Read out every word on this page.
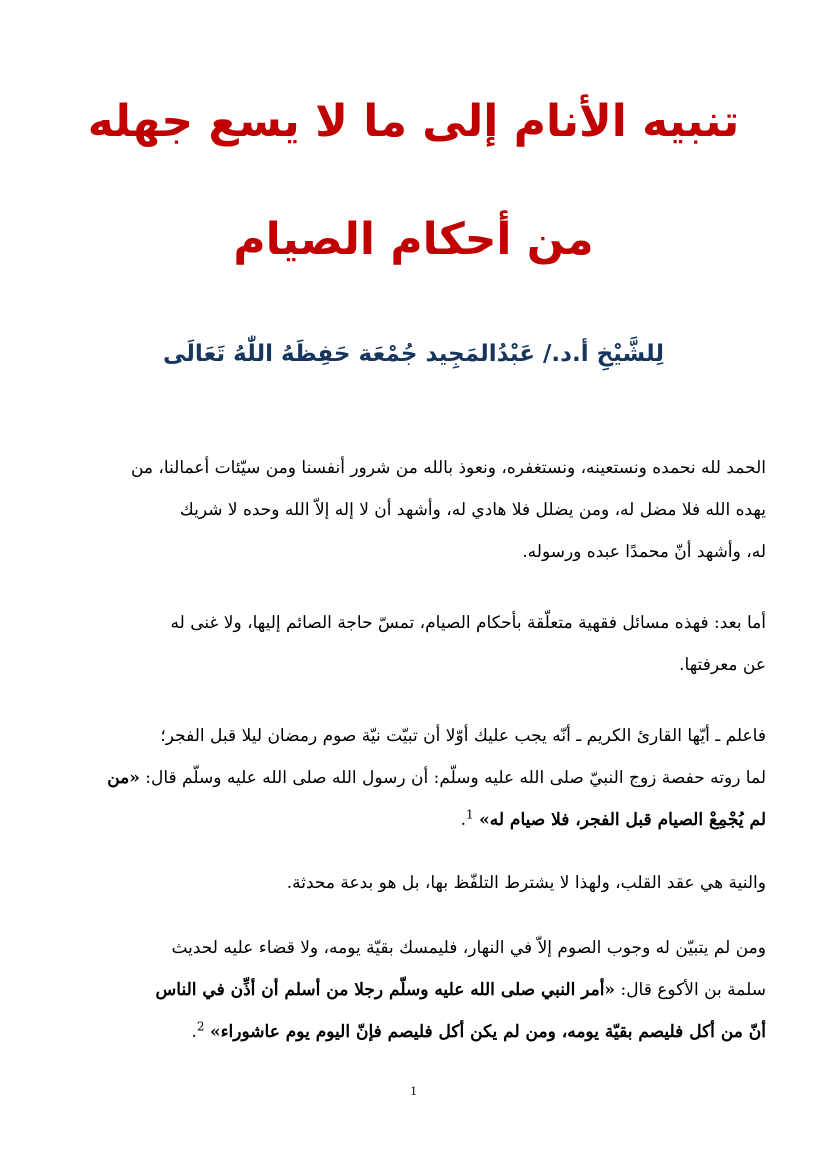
تنبيه الأنام إلى ما لا يسع جهله
من أحكام الصيام
لِلشَّيْخِ أ.د./ عَبْدُالمَجِيد جُمْعَة حَفِظَهُ اللّٰهُ تَعَالَى
الحمد لله نحمده ونستعينه، ونستغفره، ونعوذ بالله من شرور أنفسنا ومن سيّئات أعمالنا، من
يهده الله فلا مضل له، ومن يضلل فلا هادي له، وأشهد أن لا إله إلاّ الله وحده لا شريك
له، وأشهد أنّ محمدًا عبده ورسوله.
أما بعد: فهذه مسائل فقهية متعلّقة بأحكام الصيام، تمسّ حاجة الصائم إليها، ولا غنى له
عن معرفتها.
فاعلم ـ أيّها القارئ الكريم ـ أنّه يجب عليك أوّلا أن تبيّت نيّة صوم رمضان ليلا قبل الفجر؛
لما روته حفصة زوج النبيّ صلى الله عليه وسلّم: أن رسول الله صلى الله عليه وسلّم قال: «من
لم يُجْمِعْ الصيام قبل الفجر، فلا صيام له» $^1$.
والنية هي عقد القلب، ولهذا لا يشترط التلفّظ بها، بل هو بدعة محدثة.
ومن لم يتبيّن له وجوب الصوم إلاّ في النهار، فليمسك بقيّة يومه، ولا قضاء عليه لحديث
سلمة بن الأكوع قال: «أمر النبي صلى الله عليه وسلّم رجلا من أسلم أن أذِّن في الناس
أنّ من أكل فليصم بقيّة يومه، ومن لم يكن أكل فليصم فإنّ اليوم يوم عاشوراء» $^2$.
1
